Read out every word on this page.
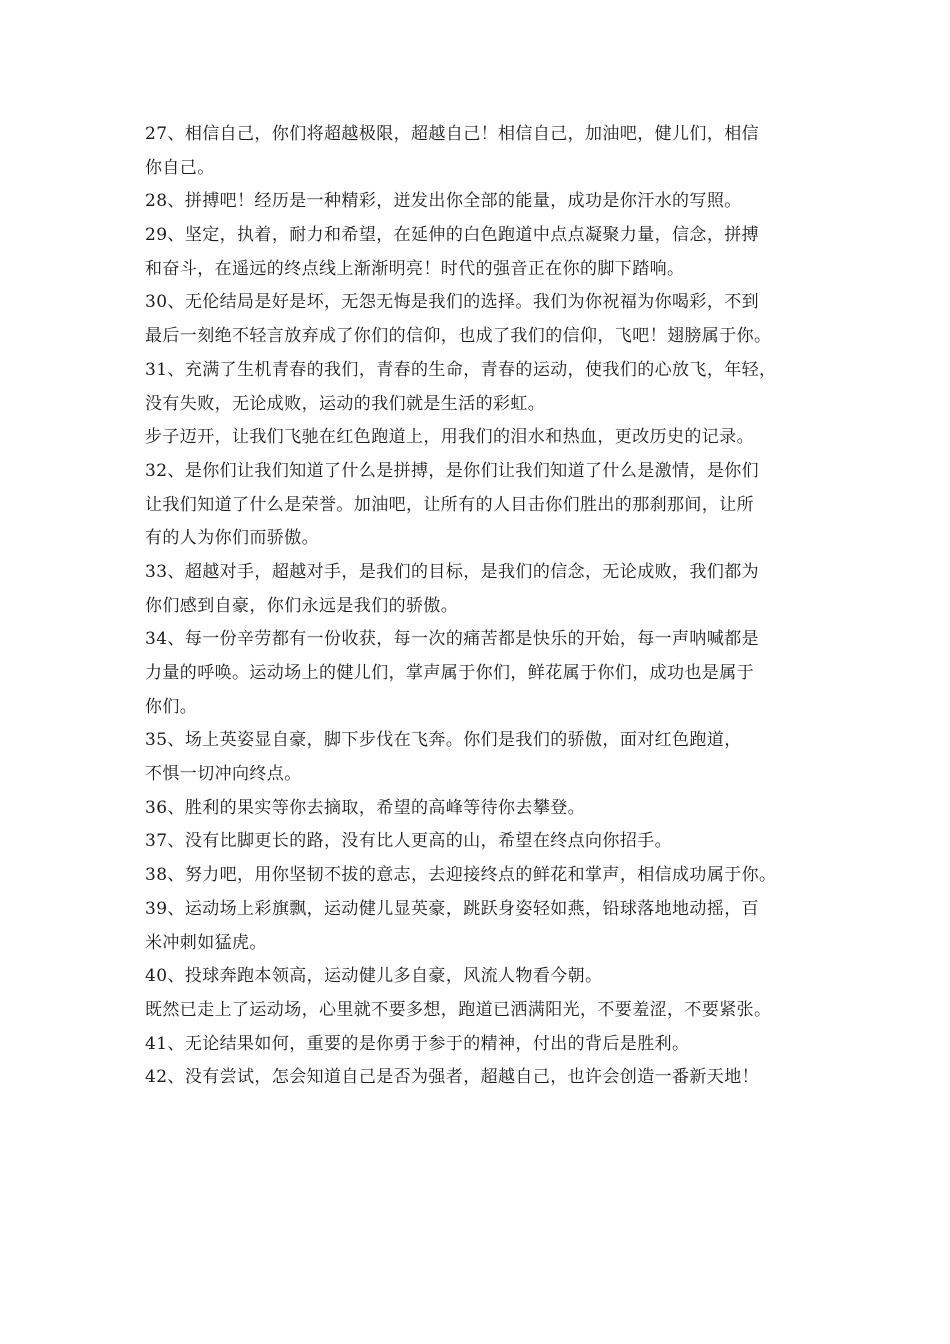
27、相信自己，你们将超越极限，超越自己！相信自己，加油吧，健儿们，相信
你自己。
28、拼搏吧！经历是一种精彩，迸发出你全部的能量，成功是你汗水的写照。
29、坚定，执着，耐力和希望，在延伸的白色跑道中点点凝聚力量，信念，拼搏
和奋斗，在遥远的终点线上渐渐明亮！时代的强音正在你的脚下踏响。
30、无伦结局是好是坏，无怨无悔是我们的选择。我们为你祝福为你喝彩，不到
最后一刻绝不轻言放弃成了你们的信仰，也成了我们的信仰，飞吧！翅膀属于你。
31、充满了生机青春的我们，青春的生命，青春的运动，使我们的心放飞，年轻，
没有失败，无论成败，运动的我们就是生活的彩虹。
步子迈开，让我们飞驰在红色跑道上，用我们的泪水和热血，更改历史的记录。
32、是你们让我们知道了什么是拼搏，是你们让我们知道了什么是激情，是你们
让我们知道了什么是荣誉。加油吧，让所有的人目击你们胜出的那刹那间，让所
有的人为你们而骄傲。
33、超越对手，超越对手，是我们的目标，是我们的信念，无论成败，我们都为
你们感到自豪，你们永远是我们的骄傲。
34、每一份辛劳都有一份收获，每一次的痛苦都是快乐的开始，每一声呐喊都是
力量的呼唤。运动场上的健儿们，掌声属于你们，鲜花属于你们，成功也是属于
你们。
35、场上英姿显自豪，脚下步伐在飞奔。你们是我们的骄傲，面对红色跑道，
不惧一切冲向终点。
36、胜利的果实等你去摘取，希望的高峰等待你去攀登。
37、没有比脚更长的路，没有比人更高的山，希望在终点向你招手。
38、努力吧，用你坚韧不拔的意志，去迎接终点的鲜花和掌声，相信成功属于你。
39、运动场上彩旗飘，运动健儿显英豪，跳跃身姿轻如燕，铅球落地地动摇，百
米冲刺如猛虎。
40、投球奔跑本领高，运动健儿多自豪，风流人物看今朝。
既然已走上了运动场，心里就不要多想，跑道已洒满阳光，不要羞涩，不要紧张。
41、无论结果如何，重要的是你勇于参于的精神，付出的背后是胜利。
42、没有尝试，怎会知道自己是否为强者，超越自己，也许会创造一番新天地！
